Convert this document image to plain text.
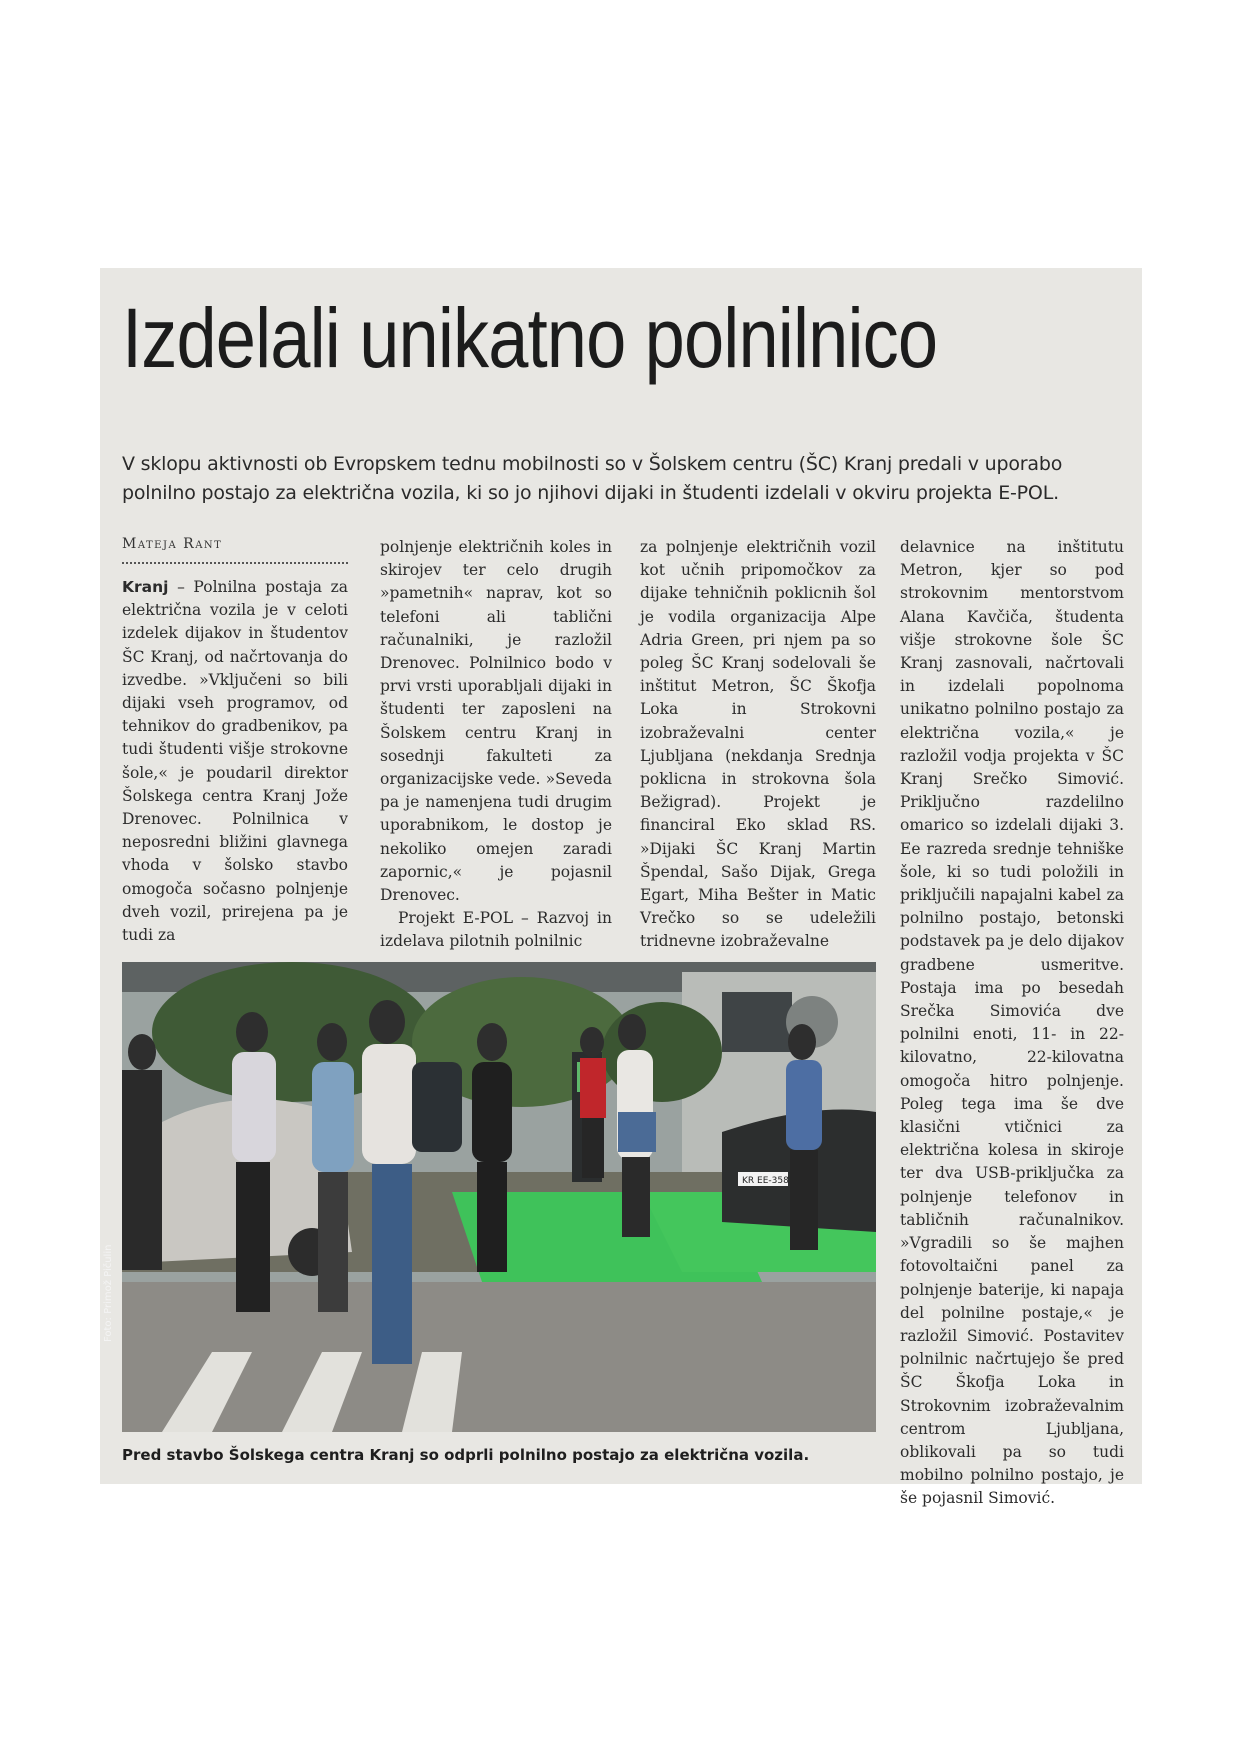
Izdelali unikatno polnilnico

V sklopu aktivnosti ob Evropskem tednu mobilnosti so v Šolskem centru (ŠC) Kranj predali v uporabo polnilno postajo za električna vozila, ki so jo njihovi dijaki in študenti izdelali v okviru projekta E-POL.

Mateja Rant

Kranj – Polnilna postaja za električna vozila je v celoti izdelek dijakov in študentov ŠC Kranj, od načrtovanja do izvedbe. »Vključeni so bili dijaki vseh programov, od tehnikov do gradbenikov, pa tudi študenti višje strokovne šole,« je poudaril direktor Šolskega centra Kranj Jože Drenovec. Polnilnica v neposredni bližini glavnega vhoda v šolsko stavbo omogoča sočasno polnjenje dveh vozil, prirejena pa je tudi za

polnjenje električnih koles in skirojev ter celo drugih »pametnih« naprav, kot so telefoni ali tablični računalniki, je razložil Drenovec. Polnilnico bodo v prvi vrsti uporabljali dijaki in študenti ter zaposleni na Šolskem centru Kranj in sosednji fakulteti za organizacijske vede. »Seveda pa je namenjena tudi drugim uporabnikom, le dostop je nekoliko omejen zaradi zapornic,« je pojasnil Drenovec.

Projekt E-POL – Razvoj in izdelava pilotnih polnilnic

za polnjenje električnih vozil kot učnih pripomočkov za dijake tehničnih poklicnih šol je vodila organizacija Alpe Adria Green, pri njem pa so poleg ŠC Kranj sodelovali še inštitut Metron, ŠC Škofja Loka in Strokovni izobraževalni center Ljubljana (nekdanja Srednja poklicna in strokovna šola Bežigrad). Projekt je financiral Eko sklad RS. »Dijaki ŠC Kranj Martin Špendal, Sašo Dijak, Grega Egart, Miha Bešter in Matic Vrečko so se udeležili tridnevne izobraževalne

delavnice na inštitutu Metron, kjer so pod strokovnim mentorstvom Alana Kavčiča, študenta višje strokovne šole ŠC Kranj zasnovali, načrtovali in izdelali popolnoma unikatno polnilno postajo za električna vozila,« je razložil vodja projekta v ŠC Kranj Srečko Simović. Priključno razdelilno omarico so izdelali dijaki 3. Ee razreda srednje tehniške šole, ki so tudi položili in priključili napajalni kabel za polnilno postajo, betonski podstavek pa je delo dijakov gradbene usmeritve. Postaja ima po besedah Srečka Simovića dve polnilni enoti, 11- in 22-kilovatno, 22-kilovatna omogoča hitro polnjenje. Poleg tega ima še dve klasični vtičnici za električna kolesa in skiroje ter dva USB-priključka za polnjenje telefonov in tabličnih računalnikov. »Vgradili so še majhen fotovoltaični panel za polnjenje baterije, ki napaja del polnilne postaje,« je razložil Simović. Postavitev polnilnic načrtujejo še pred ŠC Škofja Loka in Strokovnim izobraževalnim centrom Ljubljana, oblikovali pa so tudi mobilno polnilno postajo, je še pojasnil Simović.

KR EE-358
Foto: Primož Pičulin

Pred stavbo Šolskega centra Kranj so odprli polnilno postajo za električna vozila.
